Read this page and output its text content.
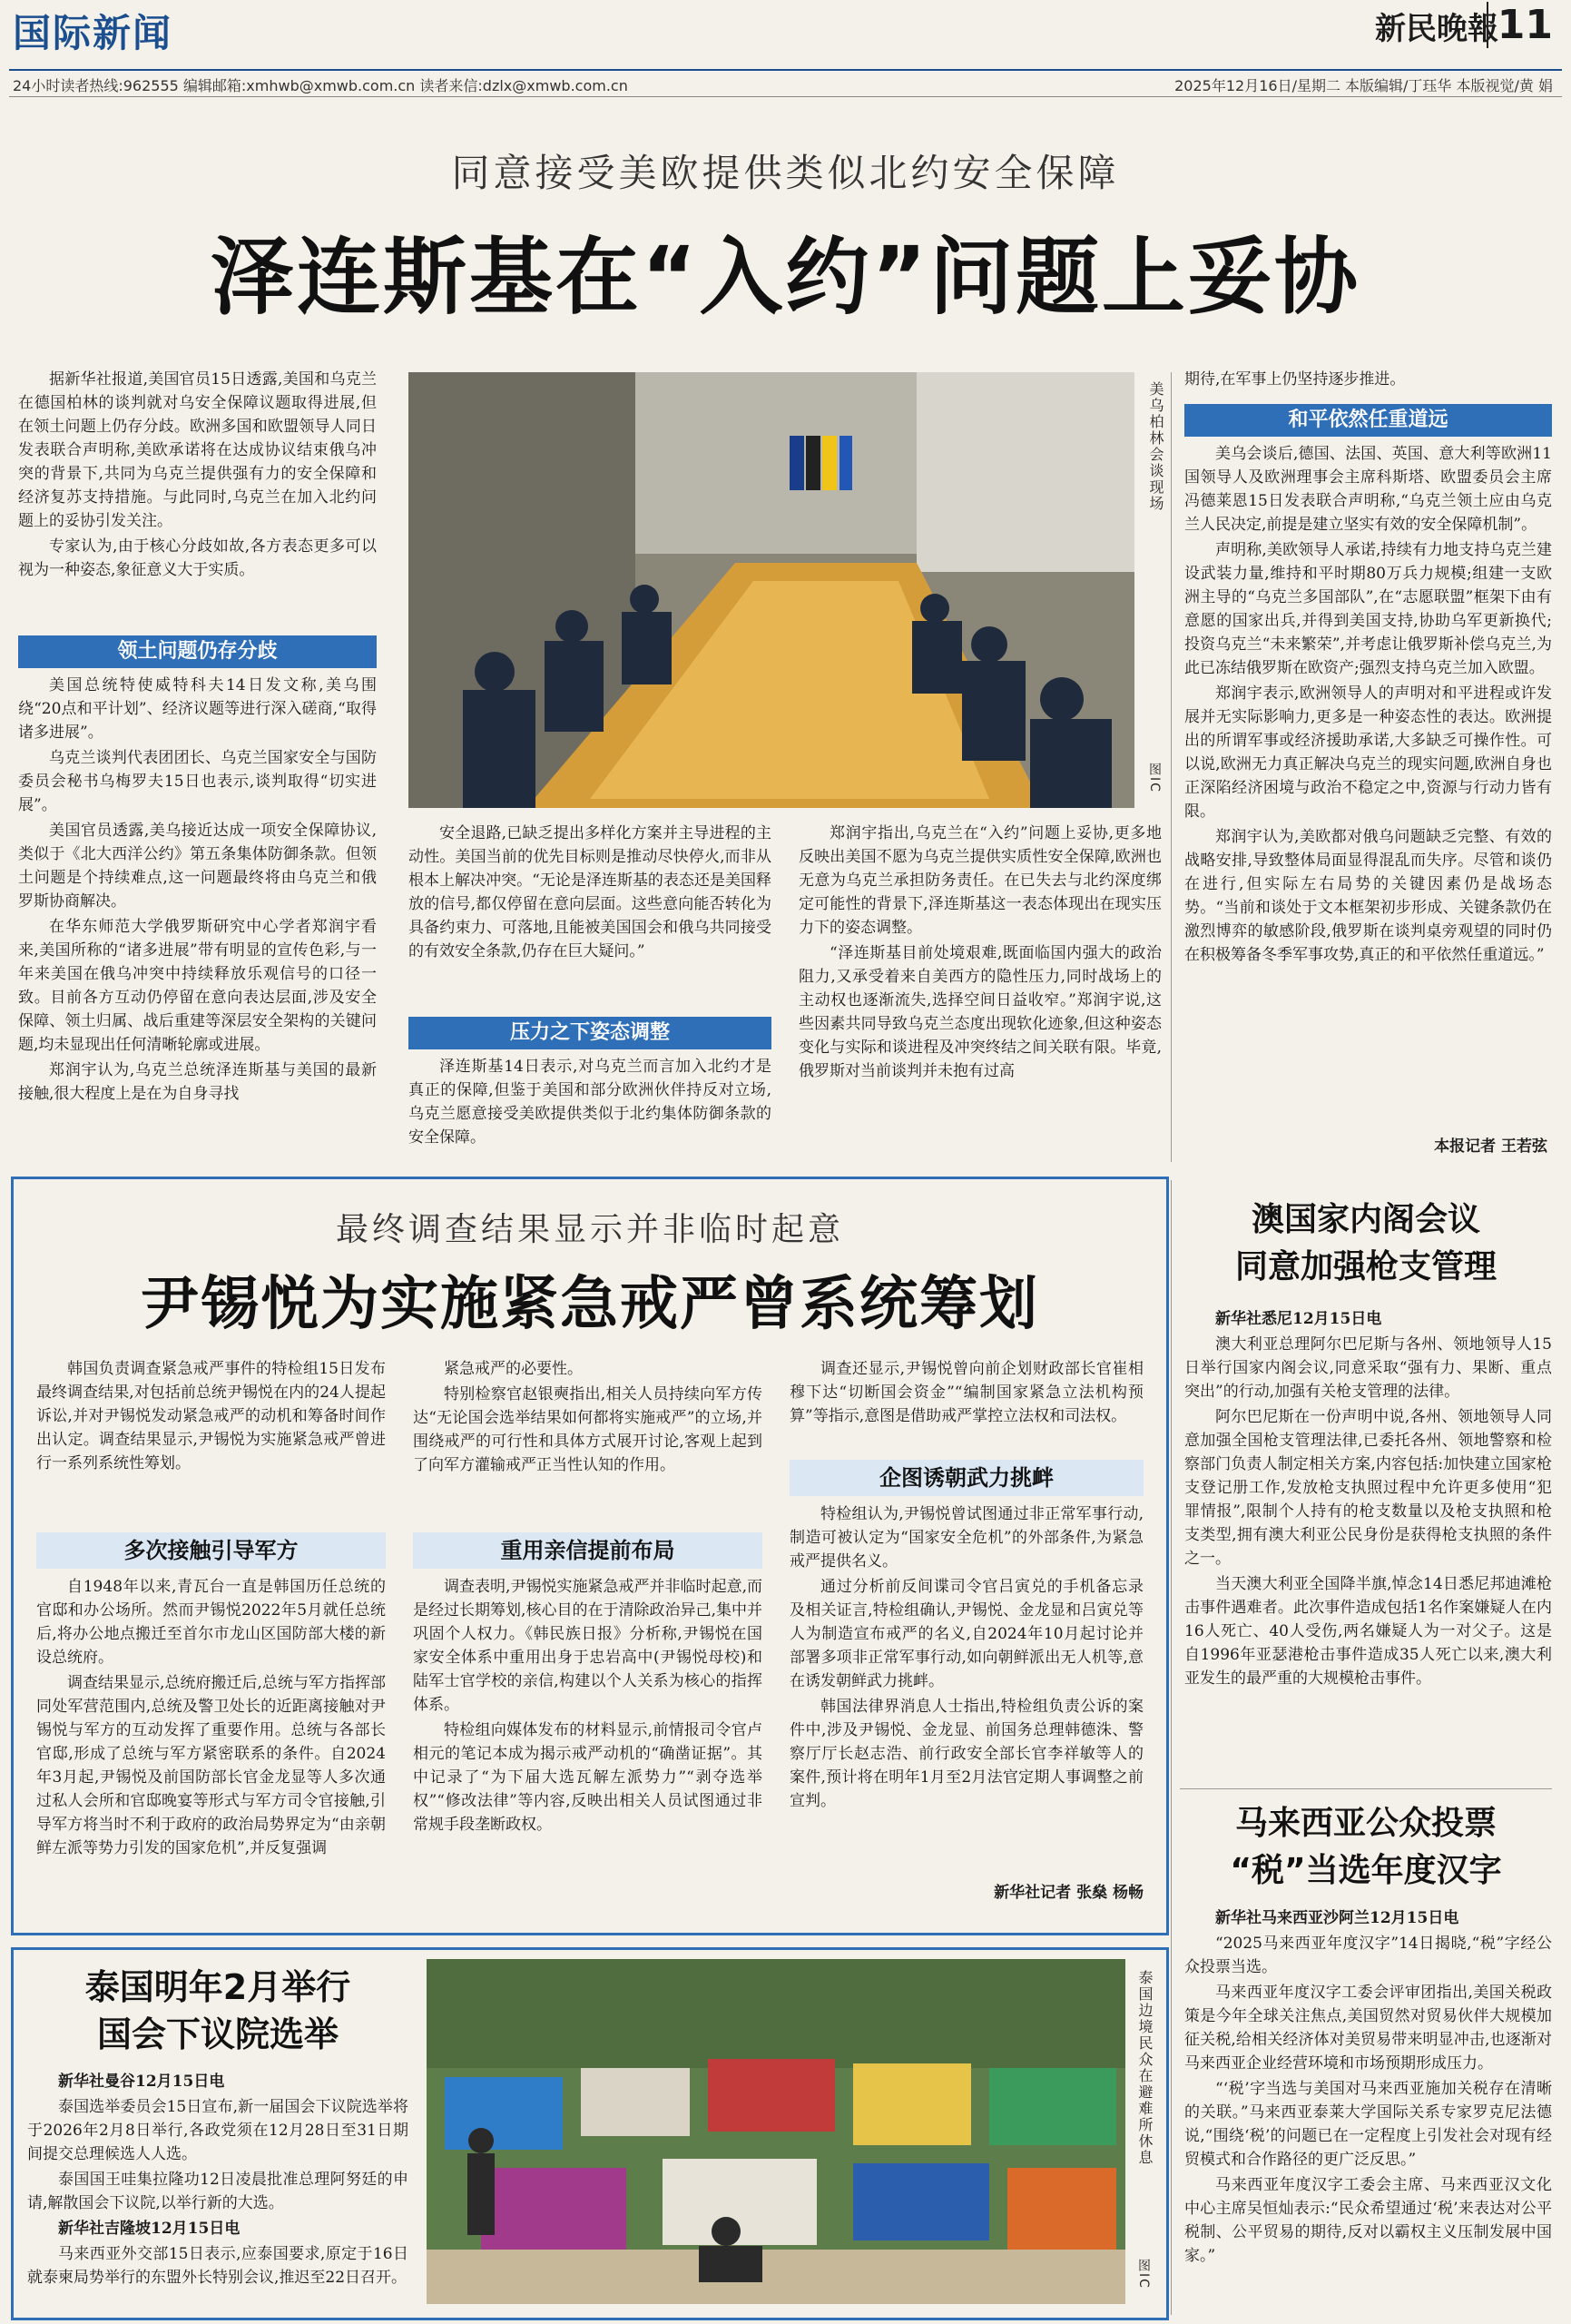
国际新闻	新民晚報
11
24小时读者热线:962555 编辑邮箱:xmhwb@xmwb.com.cn 读者来信:dzlx@xmwb.com.cn	2025年12月16日/星期二 本版编辑/丁珏华 本版视觉/黄 娟
同意接受美欧提供类似北约安全保障
泽连斯基在“入约”问题上妥协

据新华社报道,美国官员15日透露,美国和乌克兰在德国柏林的谈判就对乌安全保障议题取得进展,但在领土问题上仍存分歧。欧洲多国和欧盟领导人同日发表联合声明称,美欧承诺将在达成协议结束俄乌冲突的背景下,共同为乌克兰提供强有力的安全保障和经济复苏支持措施。与此同时,乌克兰在加入北约问题上的妥协引发关注。

专家认为,由于核心分歧如故,各方表态更多可以视为一种姿态,象征意义大于实质。

领土问题仍存分歧

美国总统特使威特科夫14日发文称,美乌围绕“20点和平计划”、经济议题等进行深入磋商,“取得诸多进展”。

乌克兰谈判代表团团长、乌克兰国家安全与国防委员会秘书乌梅罗夫15日也表示,谈判取得“切实进展”。

美国官员透露,美乌接近达成一项安全保障协议,类似于《北大西洋公约》第五条集体防御条款。但领土问题是个持续难点,这一问题最终将由乌克兰和俄罗斯协商解决。

在华东师范大学俄罗斯研究中心学者郑润宇看来,美国所称的“诸多进展”带有明显的宣传色彩,与一年来美国在俄乌冲突中持续释放乐观信号的口径一致。目前各方互动仍停留在意向表达层面,涉及安全保障、领土归属、战后重建等深层安全架构的关键问题,均未显现出任何清晰轮廓或进展。

郑润宇认为,乌克兰总统泽连斯基与美国的最新接触,很大程度上是在为自身寻找

美乌柏林会谈现场
图IC

安全退路,已缺乏提出多样化方案并主导进程的主动性。美国当前的优先目标则是推动尽快停火,而非从根本上解决冲突。“无论是泽连斯基的表态还是美国释放的信号,都仅停留在意向层面。这些意向能否转化为具备约束力、可落地,且能被美国国会和俄乌共同接受的有效安全条款,仍存在巨大疑问。”

压力之下姿态调整

泽连斯基14日表示,对乌克兰而言加入北约才是真正的保障,但鉴于美国和部分欧洲伙伴持反对立场,乌克兰愿意接受美欧提供类似于北约集体防御条款的安全保障。

郑润宇指出,乌克兰在“入约”问题上妥协,更多地反映出美国不愿为乌克兰提供实质性安全保障,欧洲也无意为乌克兰承担防务责任。在已失去与北约深度绑定可能性的背景下,泽连斯基这一表态体现出在现实压力下的姿态调整。

“泽连斯基目前处境艰难,既面临国内强大的政治阻力,又承受着来自美西方的隐性压力,同时战场上的主动权也逐渐流失,选择空间日益收窄。”郑润宇说,这些因素共同导致乌克兰态度出现软化迹象,但这种姿态变化与实际和谈进程及冲突终结之间关联有限。毕竟,俄罗斯对当前谈判并未抱有过高

期待,在军事上仍坚持逐步推进。

和平依然任重道远

美乌会谈后,德国、法国、英国、意大利等欧洲11国领导人及欧洲理事会主席科斯塔、欧盟委员会主席冯德莱恩15日发表联合声明称,“乌克兰领土应由乌克兰人民决定,前提是建立坚实有效的安全保障机制”。

声明称,美欧领导人承诺,持续有力地支持乌克兰建设武装力量,维持和平时期80万兵力规模;组建一支欧洲主导的“乌克兰多国部队”,在“志愿联盟”框架下由有意愿的国家出兵,并得到美国支持,协助乌军更新换代;投资乌克兰“未来繁荣”,并考虑让俄罗斯补偿乌克兰,为此已冻结俄罗斯在欧资产;强烈支持乌克兰加入欧盟。

郑润宇表示,欧洲领导人的声明对和平进程或许发展并无实际影响力,更多是一种姿态性的表达。欧洲提出的所谓军事或经济援助承诺,大多缺乏可操作性。可以说,欧洲无力真正解决乌克兰的现实问题,欧洲自身也正深陷经济困境与政治不稳定之中,资源与行动力皆有限。

郑润宇认为,美欧都对俄乌问题缺乏完整、有效的战略安排,导致整体局面显得混乱而失序。尽管和谈仍在进行,但实际左右局势的关键因素仍是战场态势。“当前和谈处于文本框架初步形成、关键条款仍在激烈博弈的敏感阶段,俄罗斯在谈判桌旁观望的同时仍在积极筹备冬季军事攻势,真正的和平依然任重道远。”

本报记者 王若弦
最终调查结果显示并非临时起意
尹锡悦为实施紧急戒严曾系统筹划

韩国负责调查紧急戒严事件的特检组15日发布最终调查结果,对包括前总统尹锡悦在内的24人提起诉讼,并对尹锡悦发动紧急戒严的动机和筹备时间作出认定。调查结果显示,尹锡悦为实施紧急戒严曾进行一系列系统性筹划。

多次接触引导军方

自1948年以来,青瓦台一直是韩国历任总统的官邸和办公场所。然而尹锡悦2022年5月就任总统后,将办公地点搬迁至首尔市龙山区国防部大楼的新设总统府。

调查结果显示,总统府搬迁后,总统与军方指挥部同处军营范围内,总统及警卫处长的近距离接触对尹锡悦与军方的互动发挥了重要作用。总统与各部长官邸,形成了总统与军方紧密联系的条件。自2024年3月起,尹锡悦及前国防部长官金龙显等人多次通过私人会所和官邸晚宴等形式与军方司令官接触,引导军方将当时不利于政府的政治局势界定为“由亲朝鲜左派等势力引发的国家危机”,并反复强调

紧急戒严的必要性。

特别检察官赵银奭指出,相关人员持续向军方传达“无论国会选举结果如何都将实施戒严”的立场,并围绕戒严的可行性和具体方式展开讨论,客观上起到了向军方灌输戒严正当性认知的作用。

重用亲信提前布局

调查表明,尹锡悦实施紧急戒严并非临时起意,而是经过长期筹划,核心目的在于清除政治异己,集中并巩固个人权力。《韩民族日报》分析称,尹锡悦在国家安全体系中重用出身于忠岩高中(尹锡悦母校)和陆军士官学校的亲信,构建以个人关系为核心的指挥体系。

特检组向媒体发布的材料显示,前情报司令官卢相元的笔记本成为揭示戒严动机的“确凿证据”。其中记录了“为下届大选瓦解左派势力”“剥夺选举权”“修改法律”等内容,反映出相关人员试图通过非常规手段垄断政权。

调查还显示,尹锡悦曾向前企划财政部长官崔相穆下达“切断国会资金”“编制国家紧急立法机构预算”等指示,意图是借助戒严掌控立法权和司法权。

企图诱朝武力挑衅

特检组认为,尹锡悦曾试图通过非正常军事行动,制造可被认定为“国家安全危机”的外部条件,为紧急戒严提供名义。

通过分析前反间谍司令官吕寅兑的手机备忘录及相关证言,特检组确认,尹锡悦、金龙显和吕寅兑等人为制造宣布戒严的名义,自2024年10月起讨论并部署多项非正常军事行动,如向朝鲜派出无人机等,意在诱发朝鲜武力挑衅。

韩国法律界消息人士指出,特检组负责公诉的案件中,涉及尹锡悦、金龙显、前国务总理韩德洙、警察厅厅长赵志浩、前行政安全部长官李祥敏等人的案件,预计将在明年1月至2月法官定期人事调整之前宣判。

新华社记者 张燊 杨畅
澳国家内阁会议
同意加强枪支管理

新华社悉尼12月15日电

澳大利亚总理阿尔巴尼斯与各州、领地领导人15日举行国家内阁会议,同意采取“强有力、果断、重点突出”的行动,加强有关枪支管理的法律。

阿尔巴尼斯在一份声明中说,各州、领地领导人同意加强全国枪支管理法律,已委托各州、领地警察和检察部门负责人制定相关方案,内容包括:加快建立国家枪支登记册工作,发放枪支执照过程中允许更多使用“犯罪情报”,限制个人持有的枪支数量以及枪支执照和枪支类型,拥有澳大利亚公民身份是获得枪支执照的条件之一。

当天澳大利亚全国降半旗,悼念14日悉尼邦迪滩枪击事件遇难者。此次事件造成包括1名作案嫌疑人在内16人死亡、40人受伤,两名嫌疑人为一对父子。这是自1996年亚瑟港枪击事件造成35人死亡以来,澳大利亚发生的最严重的大规模枪击事件。

马来西亚公众投票
“税”当选年度汉字

新华社马来西亚沙阿兰12月15日电

“2025马来西亚年度汉字”14日揭晓,“税”字经公众投票当选。

马来西亚年度汉字工委会评审团指出,美国关税政策是今年全球关注焦点,美国贸然对贸易伙伴大规模加征关税,给相关经济体对美贸易带来明显冲击,也逐渐对马来西亚企业经营环境和市场预期形成压力。

“‘税’字当选与美国对马来西亚施加关税存在清晰的关联。”马来西亚泰莱大学国际关系专家罗克尼法德说,“围绕‘税’的问题已在一定程度上引发社会对现有经贸模式和合作路径的更广泛反思。”

马来西亚年度汉字工委会主席、马来西亚汉文化中心主席吴恒灿表示:“民众希望通过‘税’来表达对公平税制、公平贸易的期待,反对以霸权主义压制发展中国家。”

泰国明年2月举行
国会下议院选举

新华社曼谷12月15日电

泰国选举委员会15日宣布,新一届国会下议院选举将于2026年2月8日举行,各政党须在12月28日至31日期间提交总理候选人人选。

泰国国王哇集拉隆功12日凌晨批准总理阿努廷的申请,解散国会下议院,以举行新的大选。

新华社吉隆坡12月15日电

马来西亚外交部15日表示,应泰国要求,原定于16日就泰柬局势举行的东盟外长特别会议,推迟至22日召开。

泰国边境民众在避难所休息
图IC
